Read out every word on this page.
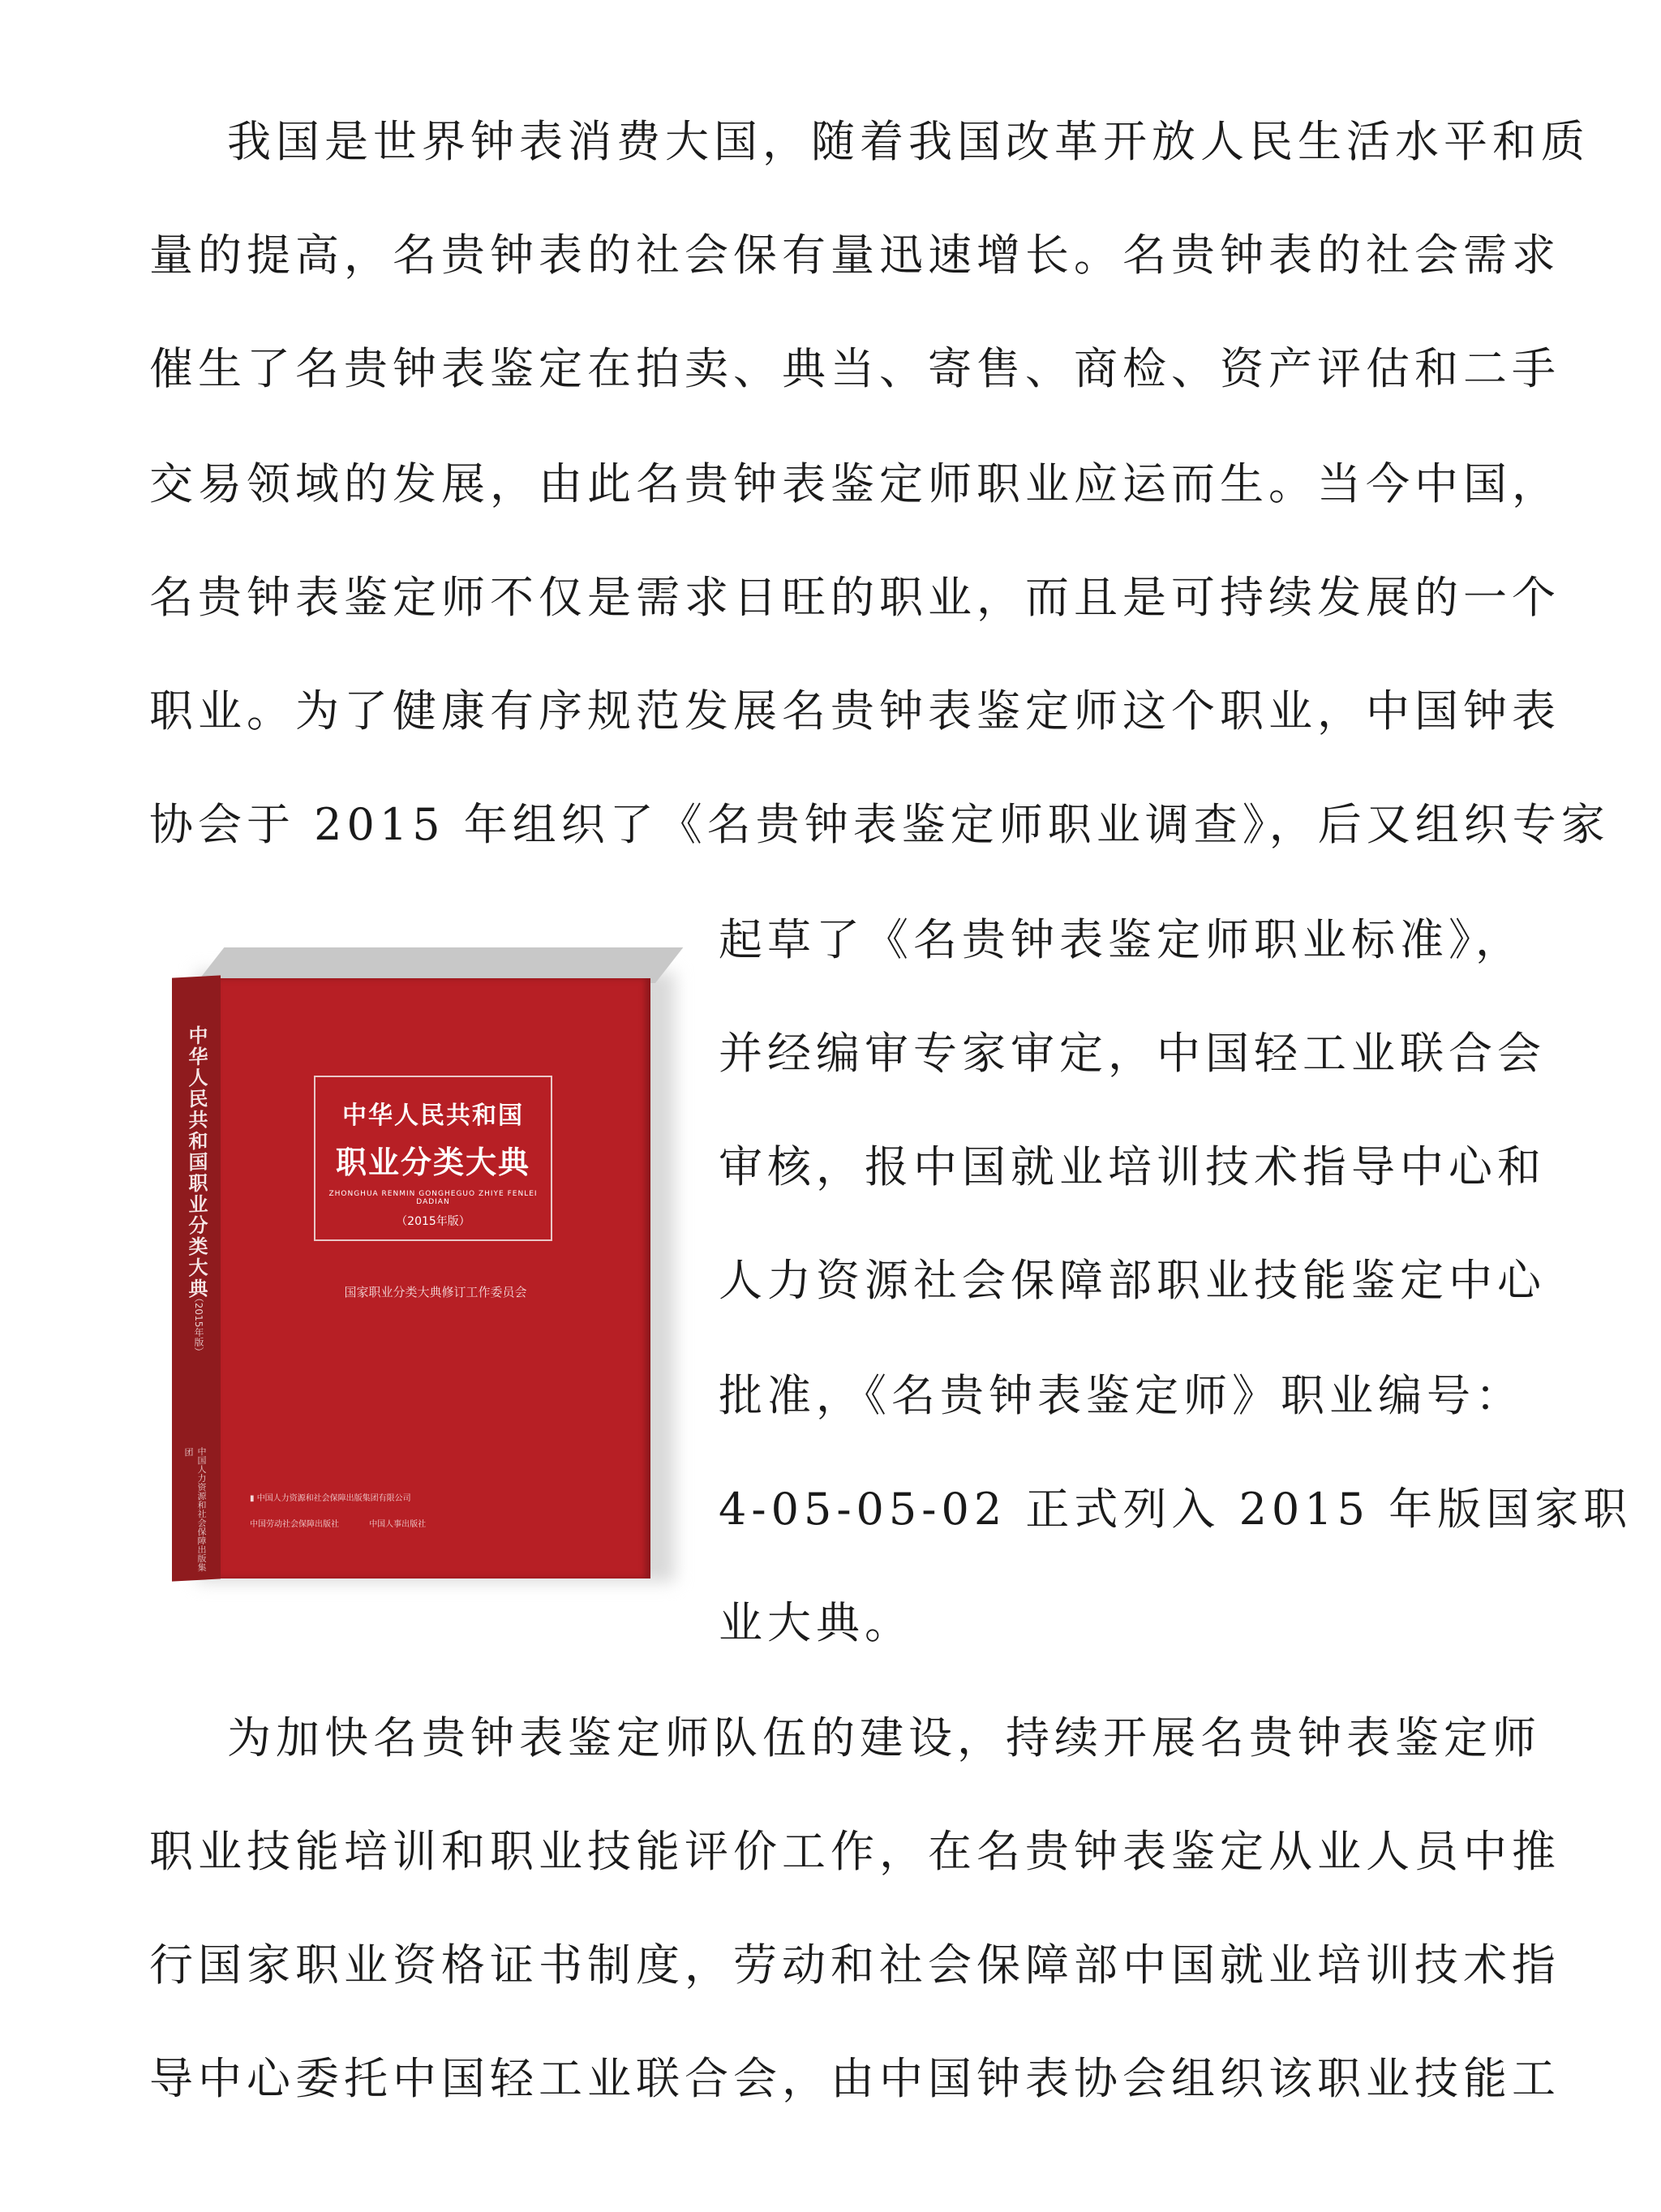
我国是世界钟表消费大国，随着我国改革开放人民生活水平和质
量的提高，名贵钟表的社会保有量迅速增长。名贵钟表的社会需求
催生了名贵钟表鉴定在拍卖、典当、寄售、商检、资产评估和二手
交易领域的发展，由此名贵钟表鉴定师职业应运而生。当今中国，
名贵钟表鉴定师不仅是需求日旺的职业，而且是可持续发展的一个
职业。为了健康有序规范发展名贵钟表鉴定师这个职业，中国钟表
协会于 2015 年组织了《名贵钟表鉴定师职业调查》，后又组织专家
起草了《名贵钟表鉴定师职业标准》，
并经编审专家审定，中国轻工业联合会
审核，报中国就业培训技术指导中心和
人力资源社会保障部职业技能鉴定中心
批准，《名贵钟表鉴定师》职业编号：
4-05-05-02 正式列入 2015 年版国家职
业大典。
中华人民共和国职业分类大典
（2015年版）
中国人力资源和社会保障出版集团
中华人民共和国
职业分类大典
ZHONGHUA RENMIN GONGHEGUO ZHIYE FENLEI DADIAN
（2015年版）
国家职业分类大典修订工作委员会
▮ 中国人力资源和社会保障出版集团有限公司
中国劳动社会保障出版社	中国人事出版社
为加快名贵钟表鉴定师队伍的建设，持续开展名贵钟表鉴定师
职业技能培训和职业技能评价工作，在名贵钟表鉴定从业人员中推
行国家职业资格证书制度，劳动和社会保障部中国就业培训技术指
导中心委托中国轻工业联合会，由中国钟表协会组织该职业技能工
